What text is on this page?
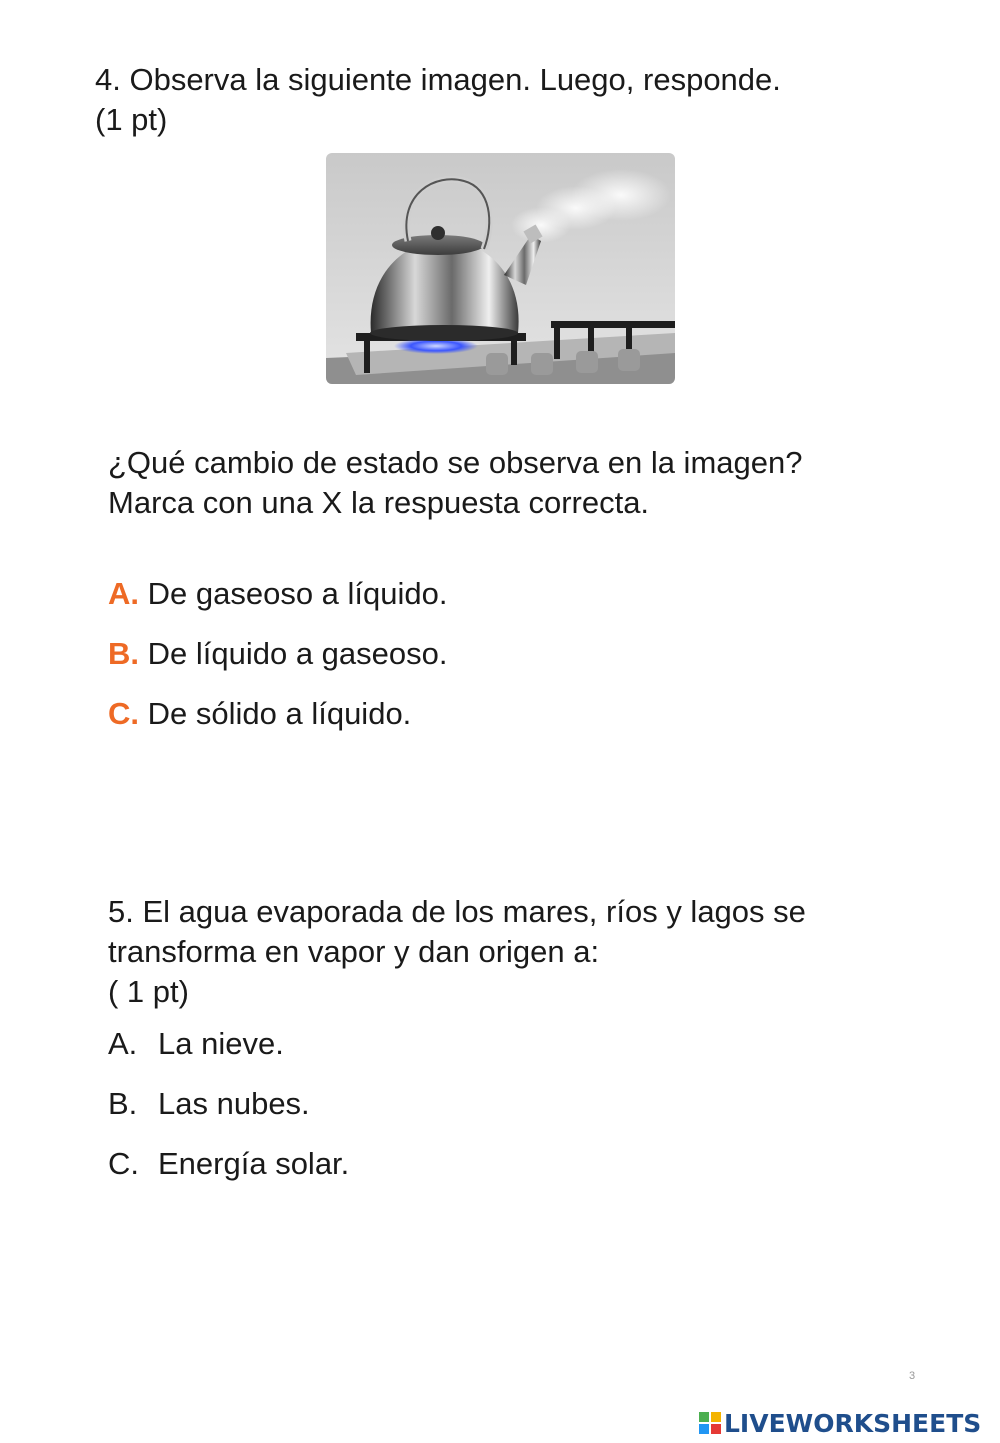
4. Observa la siguiente imagen. Luego, responde.
(1 pt)
¿Qué cambio de estado se observa en la imagen?
Marca con una X la respuesta correcta.
A. De gaseoso a líquido.
B. De líquido a gaseoso.
C. De sólido a líquido.
5. El agua evaporada de los mares, ríos y lagos se
transforma en vapor y dan origen a:
( 1 pt)
A. La nieve.
B. Las nubes.
C. Energía solar.
3
LIVEWORKSHEETS
